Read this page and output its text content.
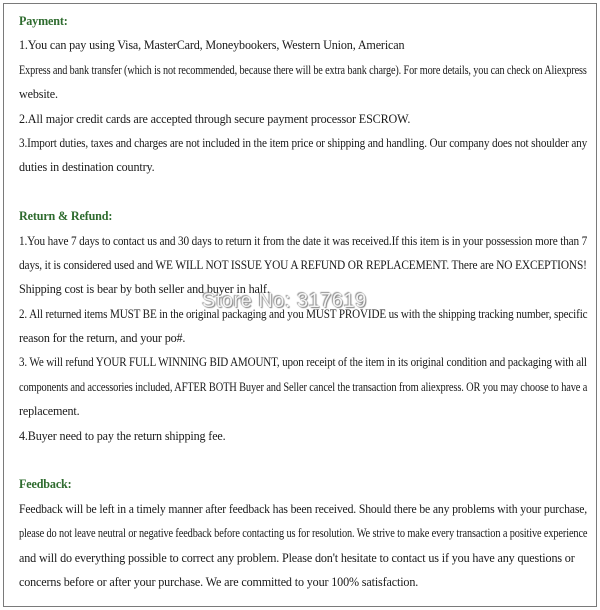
Payment:
1.You can pay using Visa, MasterCard, Moneybookers, Western Union, American
Express and bank transfer (which is not recommended, because there will be extra bank charge). For more details, you can check on Aliexpress
website.
2.All major credit cards are accepted through secure payment processor ESCROW.
3.Import duties, taxes and charges are not included in the item price or shipping and handling. Our company does not shoulder any
duties in destination country.
Return & Refund:
1.You have 7 days to contact us and 30 days to return it from the date it was received.If this item is in your possession more than 7
days, it is considered used and WE WILL NOT ISSUE YOU A REFUND OR REPLACEMENT. There are NO EXCEPTIONS!
Shipping cost is bear by both seller and buyer in half.
2. All returned items MUST BE in the original packaging and you MUST PROVIDE us with the shipping tracking number, specific
reason for the return, and your po#.
3. We will refund YOUR FULL WINNING BID AMOUNT, upon receipt of the item in its original condition and packaging with all
components and accessories included, AFTER BOTH Buyer and Seller cancel the transaction from aliexpress. OR you may choose to have a
replacement.
4.Buyer need to pay the return shipping fee.
Feedback:
Feedback will be left in a timely manner after feedback has been received. Should there be any problems with your purchase,
please do not leave neutral or negative feedback before contacting us for resolution. We strive to make every transaction a positive experience
and will do everything possible to correct any problem. Please don't hesitate to contact us if you have any questions or
concerns before or after your purchase. We are committed to your 100% satisfaction.
Store No: 317619
